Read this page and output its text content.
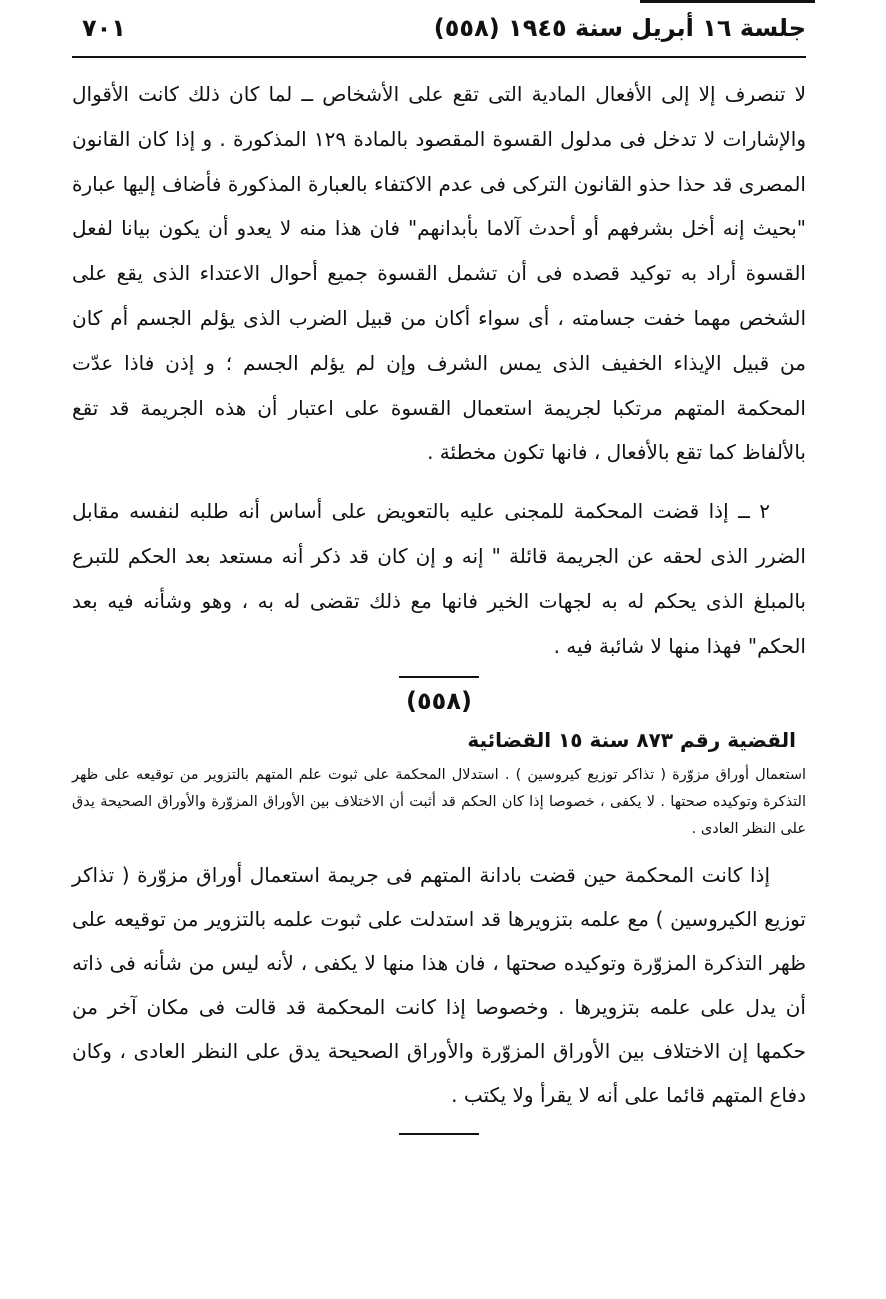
جلسة ١٦ أبريل سنة ١٩٤٥ (٥٥٨)
٧٠١

لا تنصرف إلا إلى الأفعال المادية التى تقع على الأشخاص ــ لما كان ذلك كانت الأقوال والإشارات لا تدخل فى مدلول القسوة المقصود بالمادة ١٢٩ المذكورة . و إذا كان القانون المصرى قد حذا حذو القانون التركى فى عدم الاكتفاء بالعبارة المذكورة فأضاف إليها عبارة "بحيث إنه أخل بشرفهم أو أحدث آلاما بأبدانهم" فان هذا منه لا يعدو أن يكون بيانا لفعل القسوة أراد به توكيد قصده فى أن تشمل القسوة جميع أحوال الاعتداء الذى يقع على الشخص مهما خفت جسامته ، أى سواء أكان من قبيل الضرب الذى يؤلم الجسم أم كان من قبيل الإيذاء الخفيف الذى يمس الشرف وإن لم يؤلم الجسم ؛ و إذن فاذا عدّت المحكمة المتهم مرتكبا لجريمة استعمال القسوة على اعتبار أن هذه الجريمة قد تقع بالألفاظ كما تقع بالأفعال ، فانها تكون مخطئة .

٢ ــ إذا قضت المحكمة للمجنى عليه بالتعويض على أساس أنه طلبه لنفسه مقابل الضرر الذى لحقه عن الجريمة قائلة " إنه و إن كان قد ذكر أنه مستعد بعد الحكم للتبرع بالمبلغ الذى يحكم له به لجهات الخير فانها مع ذلك تقضى له به ، وهو وشأنه فيه بعد الحكم" فهذا منها لا شائبة فيه .

(٥٥٨)
القضية رقم ٨٧٣ سنة ١٥ القضائية

استعمال أوراق مزوّرة ( تذاكر توزيع كيروسين ) . استدلال المحكمة على ثبوت علم المتهم بالتزوير من توقيعه على ظهر التذكرة وتوكيده صحتها . لا يكفى ، خصوصا إذا كان الحكم قد أثبت أن الاختلاف بين الأوراق المزوّرة والأوراق الصحيحة يدق على النظر العادى .

إذا كانت المحكمة حين قضت بادانة المتهم فى جريمة استعمال أوراق مزوّرة ( تذاكر توزيع الكيروسين ) مع علمه بتزويرها قد استدلت على ثبوت علمه بالتزوير من توقيعه على ظهر التذكرة المزوّرة وتوكيده صحتها ، فان هذا منها لا يكفى ، لأنه ليس من شأنه فى ذاته أن يدل على علمه بتزويرها . وخصوصا إذا كانت المحكمة قد قالت فى مكان آخر من حكمها إن الاختلاف بين الأوراق المزوّرة والأوراق الصحيحة يدق على النظر العادى ، وكان دفاع المتهم قائما على أنه لا يقرأ ولا يكتب .
